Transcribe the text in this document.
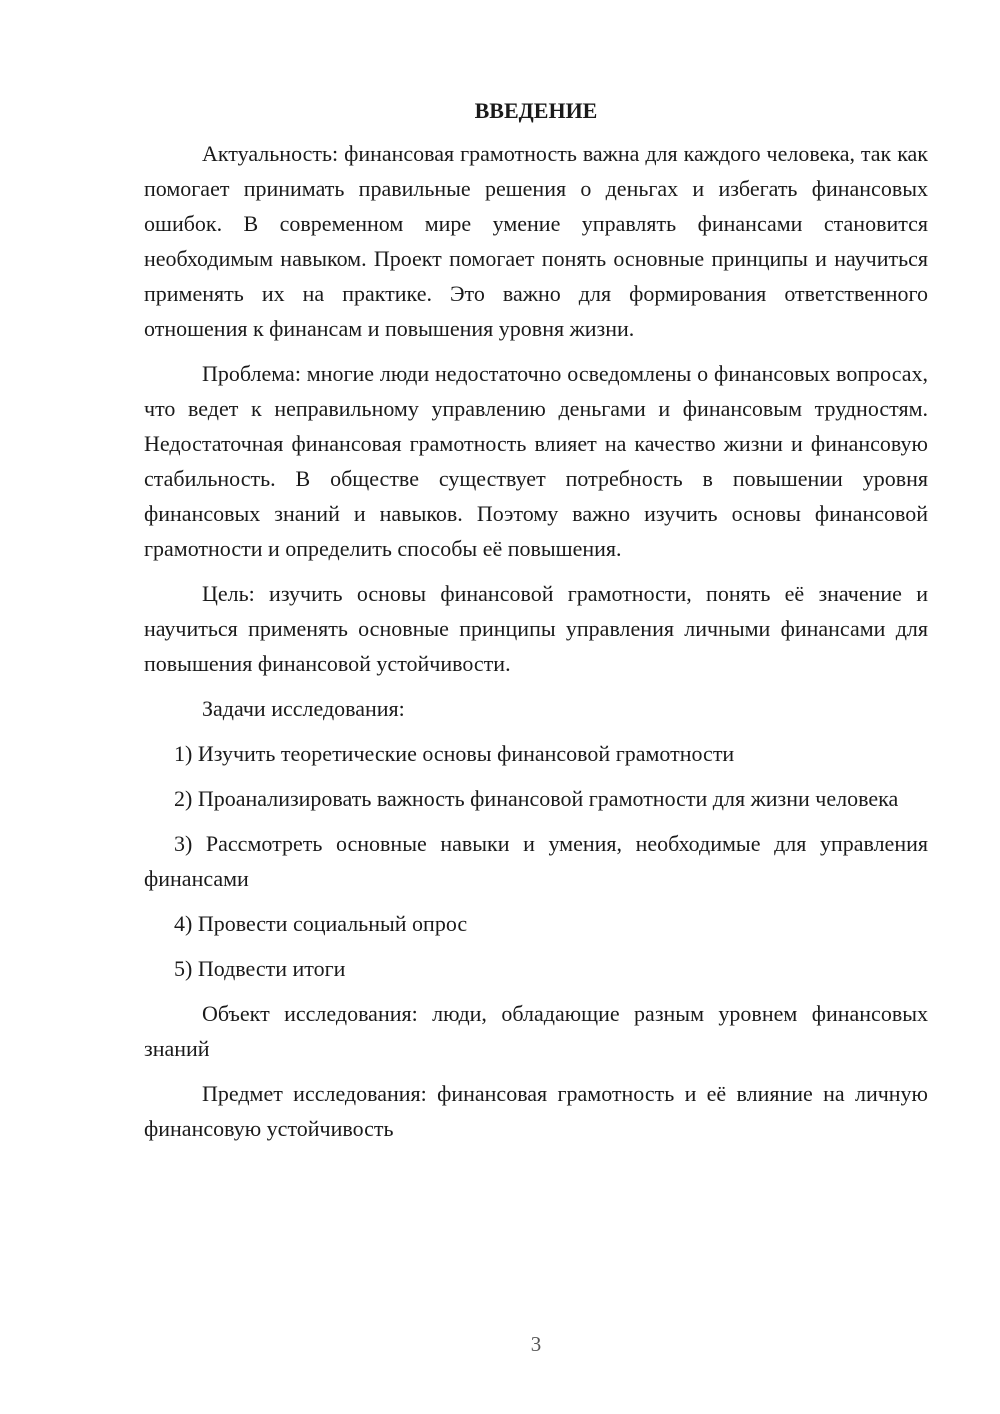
ВВЕДЕНИЕ

Актуальность: финансовая грамотность важна для каждого человека, так как помогает принимать правильные решения о деньгах и избегать финансовых ошибок. В современном мире умение управлять финансами становится необходимым навыком. Проект помогает понять основные принципы и научиться применять их на практике. Это важно для формирования ответственного отношения к финансам и повышения уровня жизни.

Проблема: многие люди недостаточно осведомлены о финансовых вопросах, что ведет к неправильному управлению деньгами и финансовым трудностям. Недостаточная финансовая грамотность влияет на качество жизни и финансовую стабильность. В обществе существует потребность в повышении уровня финансовых знаний и навыков. Поэтому важно изучить основы финансовой грамотности и определить способы её повышения.

Цель: изучить основы финансовой грамотности, понять её значение и научиться применять основные принципы управления личными финансами для повышения финансовой устойчивости.

Задачи исследования:

1) Изучить теоретические основы финансовой грамотности

2) Проанализировать важность финансовой грамотности для жизни человека

3) Рассмотреть основные навыки и умения, необходимые для управления финансами

4) Провести социальный опрос

5) Подвести итоги

Объект исследования: люди, обладающие разным уровнем финансовых знаний

Предмет исследования: финансовая грамотность и её влияние на личную финансовую устойчивость

3
